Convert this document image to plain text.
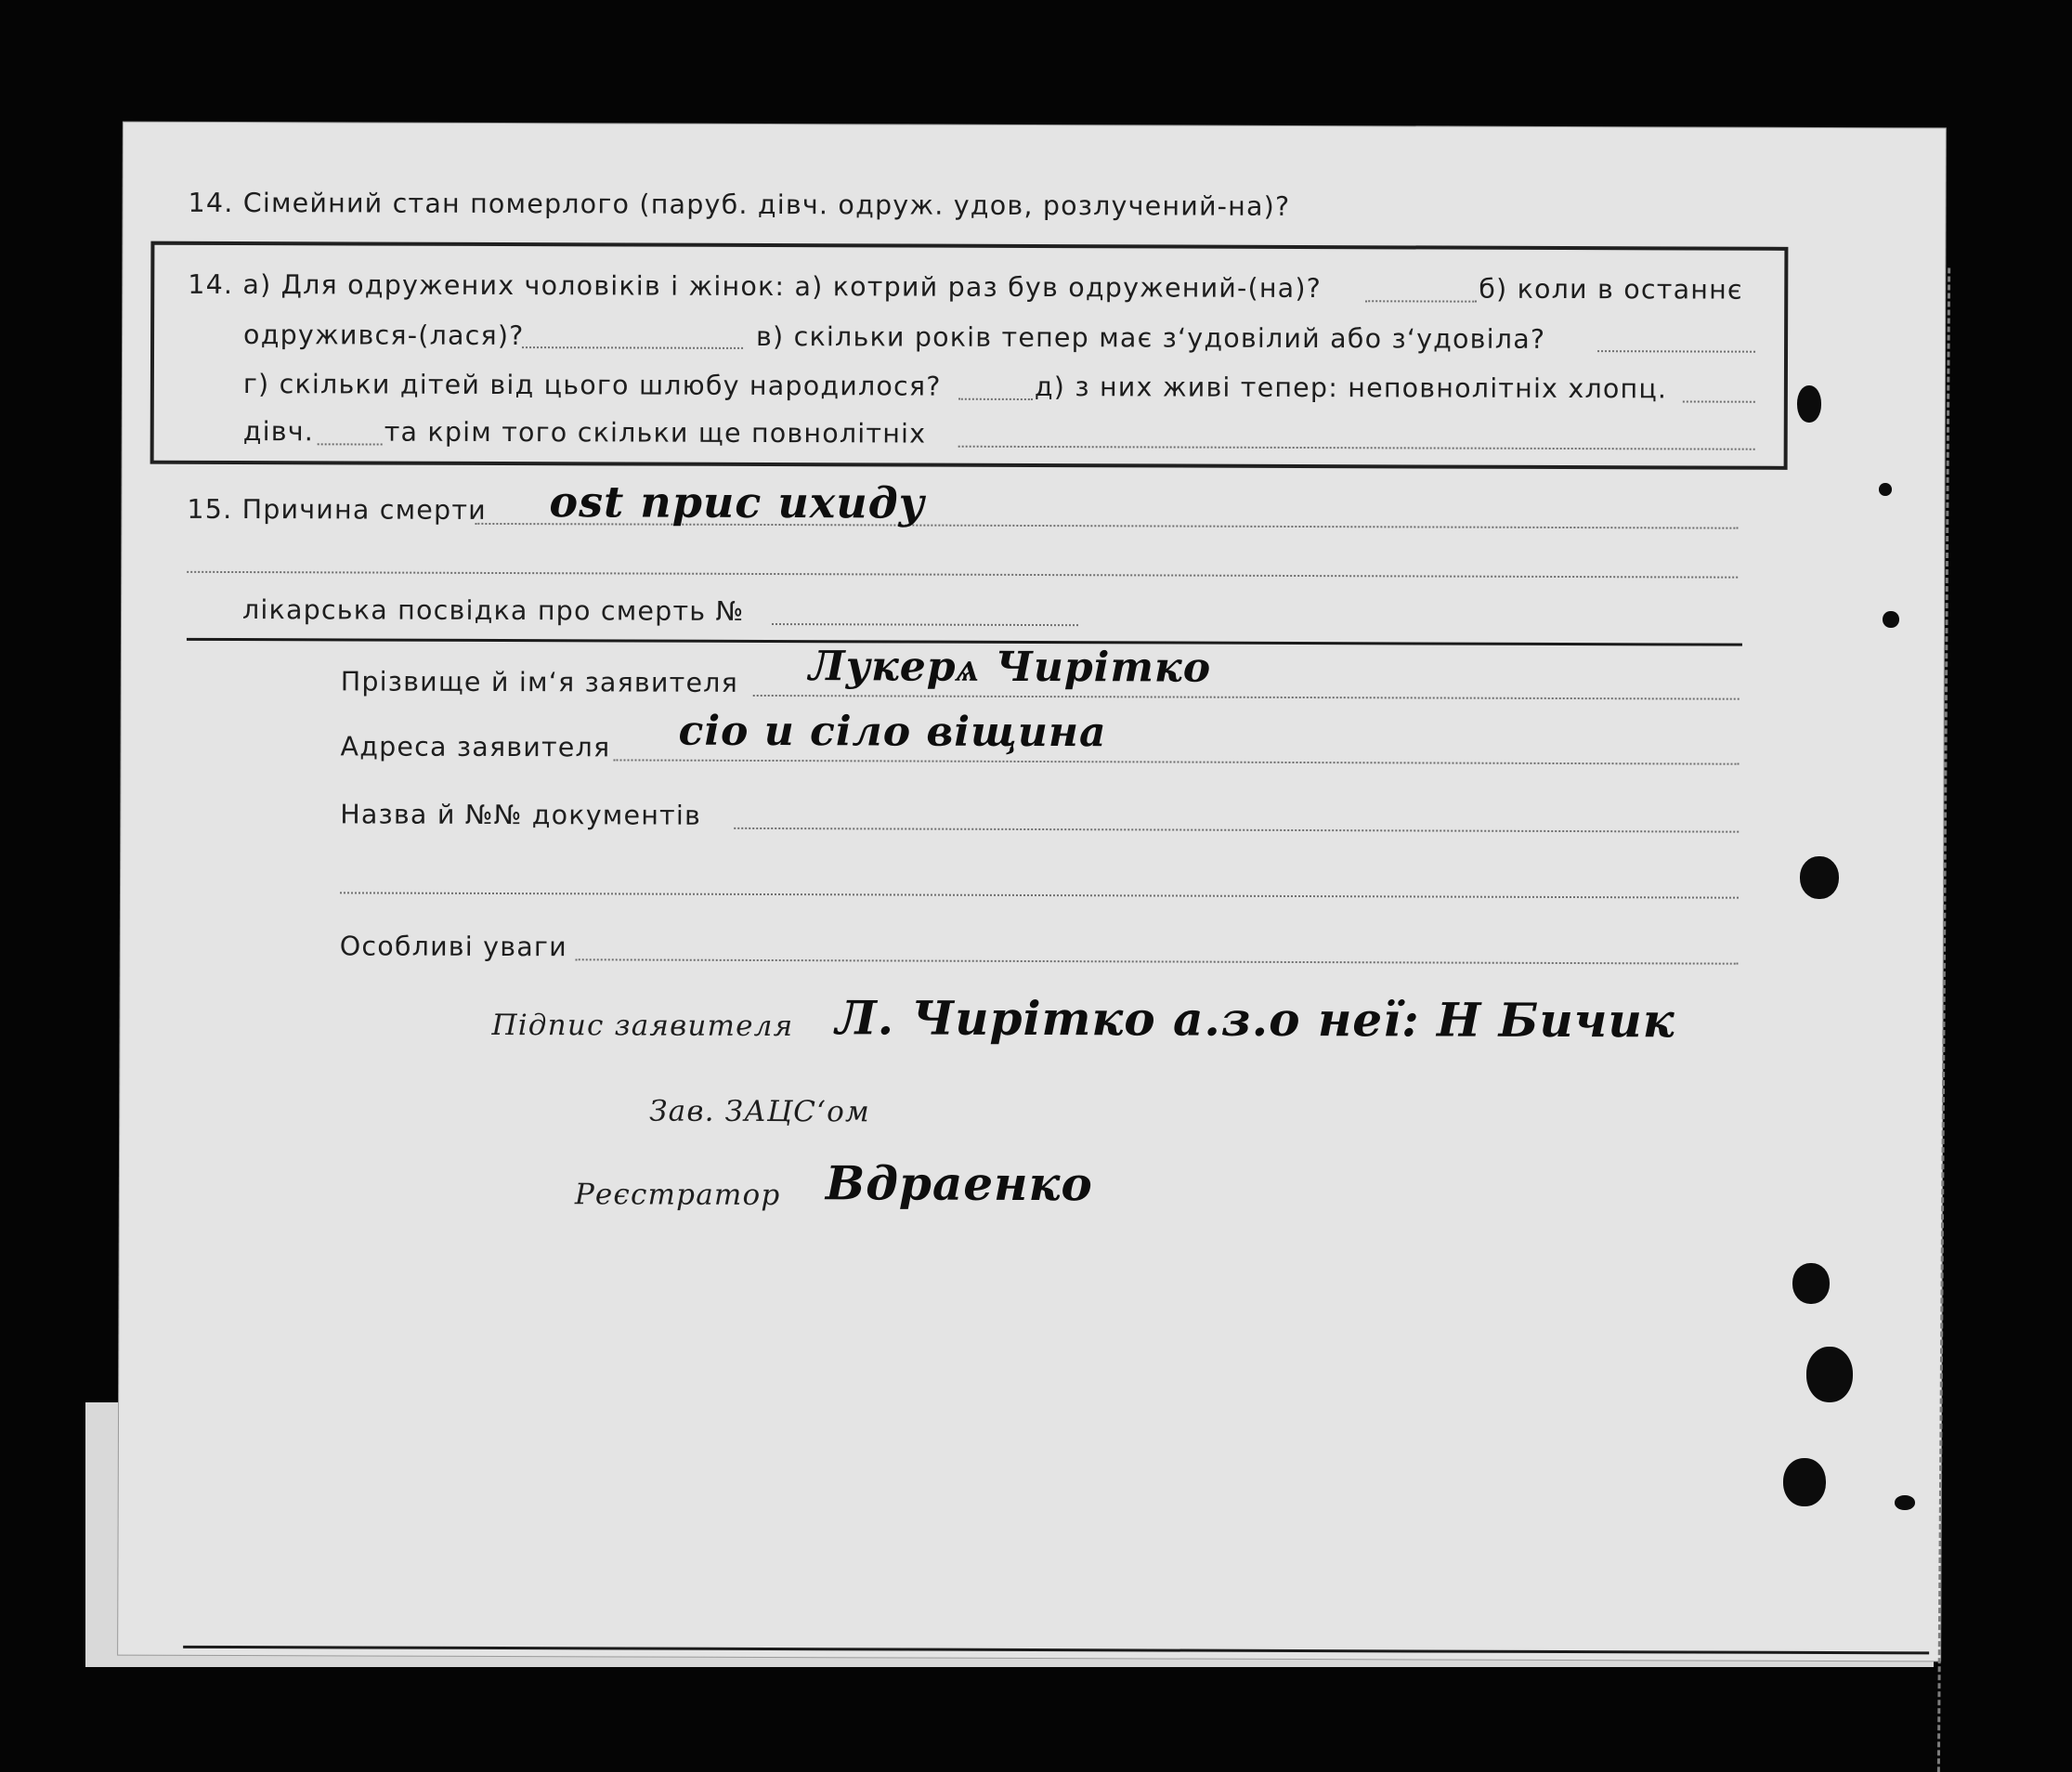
14. Сімейний стан померлого (паруб. дівч. одруж. удов, розлучений-на)?
14. а) Для одружених чоловіків і жінок: а) котрий раз був одружений-(на)?	б) коли в останнє
одружився-(лася)?	в) скільки років тепер має з‘удовілий або з‘удовіла?
г) скільки дітей від цього шлюбу народилося?	д) з них живі тепер: неповнолітніх хлопц.
дівч.	та крім того скільки ще повнолітніх
15. Причина смерти ost прис ихиду
лікарська посвідка про смерть №
Прізвище й ім‘я заявителя Лукерѧ Чирітко
Адреса заявителя сіо и сіло віщина
Назва й №№ документів
Особливі уваги
Підпис заявителя Л. Чирітко а.з.о неї: Н Бичик
Зав. ЗАЦС‘ом
Реєстратор Вдраенко
